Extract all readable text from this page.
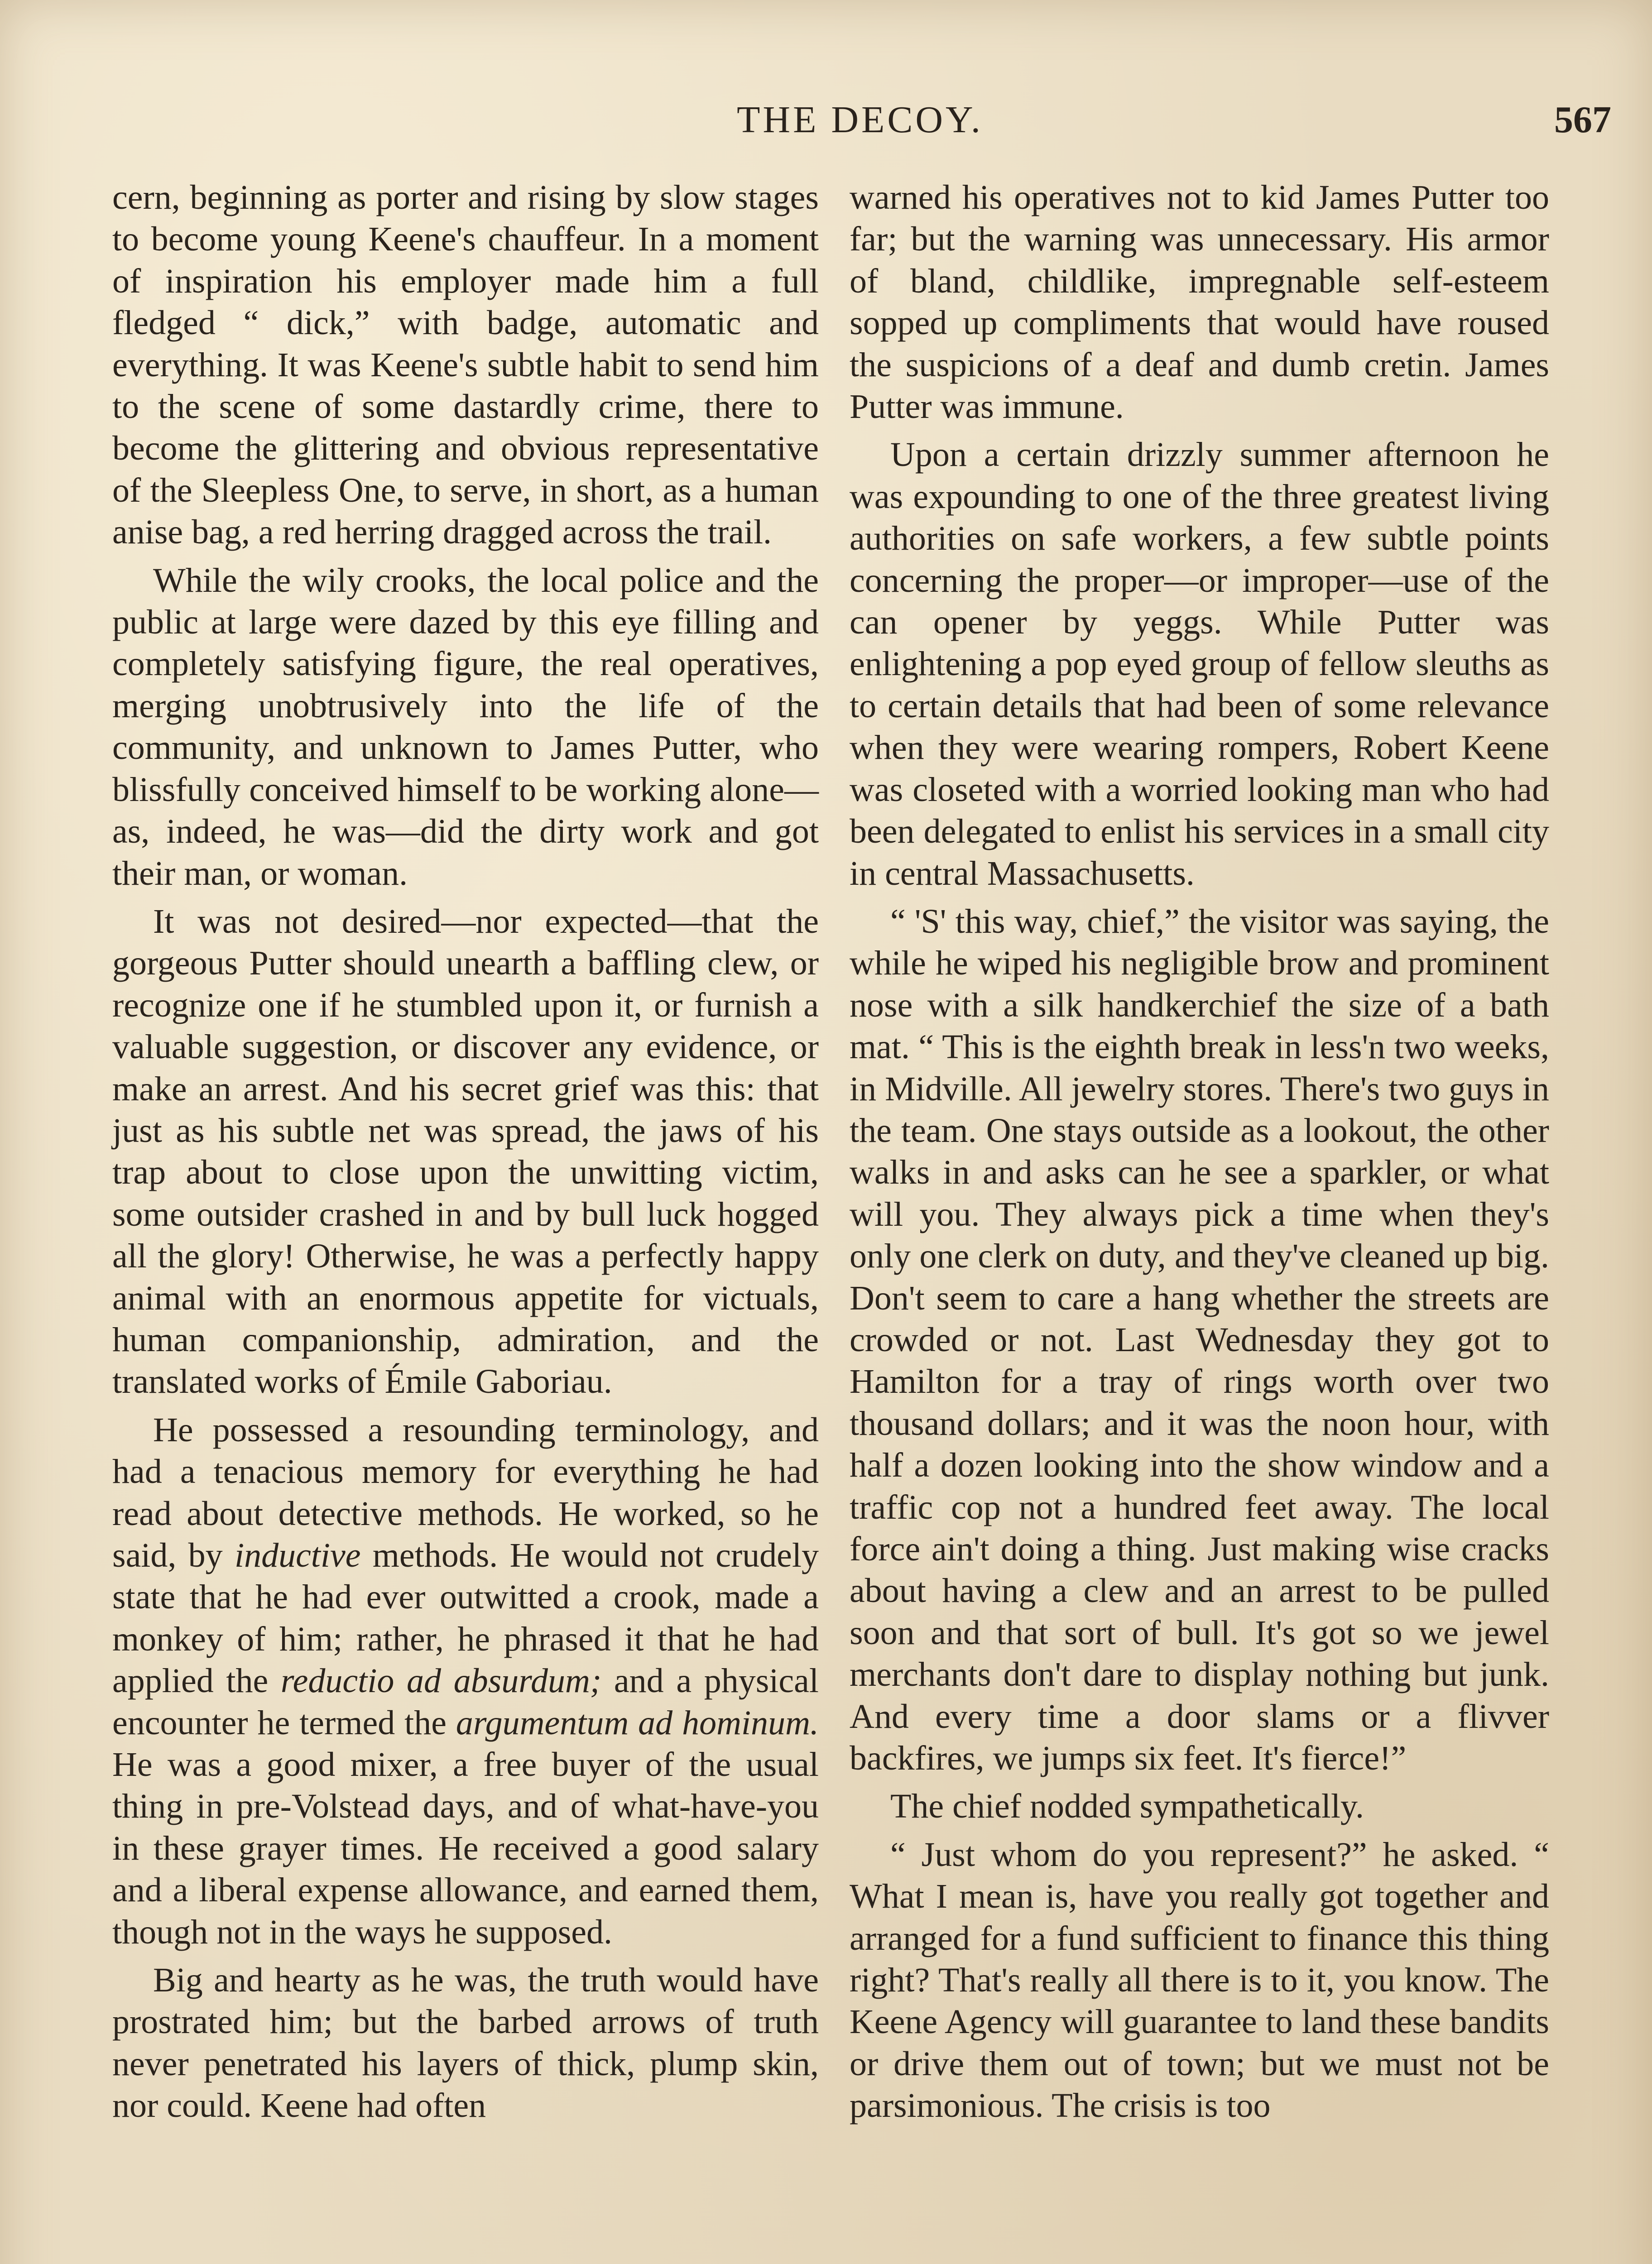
THE DECOY.	567

cern, beginning as porter and rising by slow stages to become young Keene's chauffeur. In a moment of inspiration his employer made him a full fledged “ dick,” with badge, automatic and everything. It was Keene's subtle habit to send him to the scene of some dastardly crime, there to become the glittering and obvious representative of the Sleepless One, to serve, in short, as a human anise bag, a red herring dragged across the trail.

While the wily crooks, the local police and the public at large were dazed by this eye filling and completely satisfying figure, the real operatives, merging unobtrusively into the life of the community, and unknown to James Putter, who blissfully conceived himself to be working alone—as, indeed, he was—did the dirty work and got their man, or woman.

It was not desired—nor expected—that the gorgeous Putter should unearth a baffling clew, or recognize one if he stumbled upon it, or furnish a valuable suggestion, or discover any evidence, or make an arrest. And his secret grief was this: that just as his subtle net was spread, the jaws of his trap about to close upon the unwitting victim, some outsider crashed in and by bull luck hogged all the glory! Otherwise, he was a perfectly happy animal with an enormous appetite for victuals, human companionship, admiration, and the translated works of Émile Gaboriau.

He possessed a resounding terminology, and had a tenacious memory for everything he had read about detective methods. He worked, so he said, by inductive methods. He would not crudely state that he had ever outwitted a crook, made a monkey of him; rather, he phrased it that he had applied the reductio ad absurdum; and a physical encounter he termed the argumentum ad hominum. He was a good mixer, a free buyer of the usual thing in pre-Volstead days, and of what-have-you in these grayer times. He received a good salary and a liberal expense allowance, and earned them, though not in the ways he supposed.

Big and hearty as he was, the truth would have prostrated him; but the barbed arrows of truth never penetrated his layers of thick, plump skin, nor could. Keene had often

warned his operatives not to kid James Putter too far; but the warning was unnecessary. His armor of bland, childlike, impregnable self-esteem sopped up compliments that would have roused the suspicions of a deaf and dumb cretin. James Putter was immune.

Upon a certain drizzly summer afternoon he was expounding to one of the three greatest living authorities on safe workers, a few subtle points concerning the proper—or improper—use of the can opener by yeggs. While Putter was enlightening a pop eyed group of fellow sleuths as to certain details that had been of some relevance when they were wearing rompers, Robert Keene was closeted with a worried looking man who had been delegated to enlist his services in a small city in central Massachusetts.

“ 'S' this way, chief,” the visitor was saying, the while he wiped his negligible brow and prominent nose with a silk handkerchief the size of a bath mat. “ This is the eighth break in less'n two weeks, in Midville. All jewelry stores. There's two guys in the team. One stays outside as a lookout, the other walks in and asks can he see a sparkler, or what will you. They always pick a time when they's only one clerk on duty, and they've cleaned up big. Don't seem to care a hang whether the streets are crowded or not. Last Wednesday they got to Hamilton for a tray of rings worth over two thousand dollars; and it was the noon hour, with half a dozen looking into the show window and a traffic cop not a hundred feet away. The local force ain't doing a thing. Just making wise cracks about having a clew and an arrest to be pulled soon and that sort of bull. It's got so we jewel merchants don't dare to display nothing but junk. And every time a door slams or a flivver backfires, we jumps six feet. It's fierce!”

The chief nodded sympathetically.

“ Just whom do you represent?” he asked. “ What I mean is, have you really got together and arranged for a fund sufficient to finance this thing right? That's really all there is to it, you know. The Keene Agency will guarantee to land these bandits or drive them out of town; but we must not be parsimonious. The crisis is too
